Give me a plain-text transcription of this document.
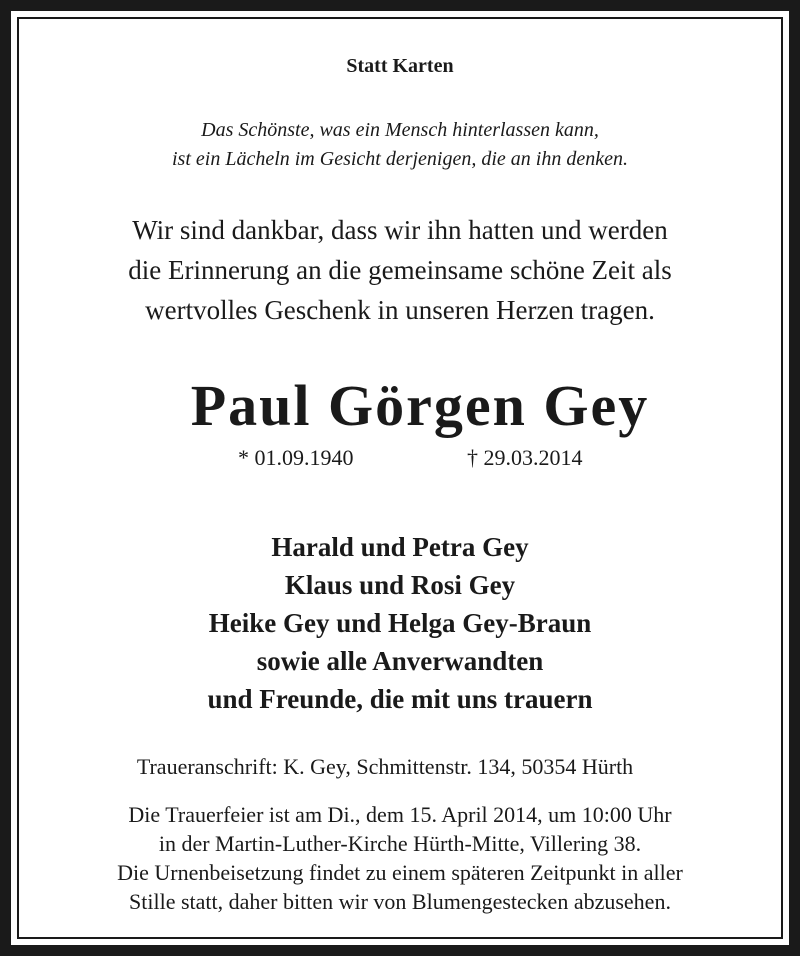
Statt Karten

Das Schönste, was ein Mensch hinterlassen kann,
ist ein Lächeln im Gesicht derjenigen, die an ihn denken.
Wir sind dankbar, dass wir ihn hatten und werden
die Erinnerung an die gemeinsame schöne Zeit als
wertvolles Geschenk in unseren Herzen tragen.

Paul Görgen Gey

* 01.09.1940	† 29.03.2014
Harald und Petra Gey
Klaus und Rosi Gey
Heike Gey und Helga Gey-Braun
sowie alle Anverwandten
und Freunde, die mit uns trauern

Traueranschrift: K. Gey, Schmittenstr. 134, 50354 Hürth

Die Trauerfeier ist am Di., dem 15. April 2014, um 10:00 Uhr
in der Martin-Luther-Kirche Hürth-Mitte, Villering 38.
Die Urnenbeisetzung findet zu einem späteren Zeitpunkt in aller
Stille statt, daher bitten wir von Blumengestecken abzusehen.
